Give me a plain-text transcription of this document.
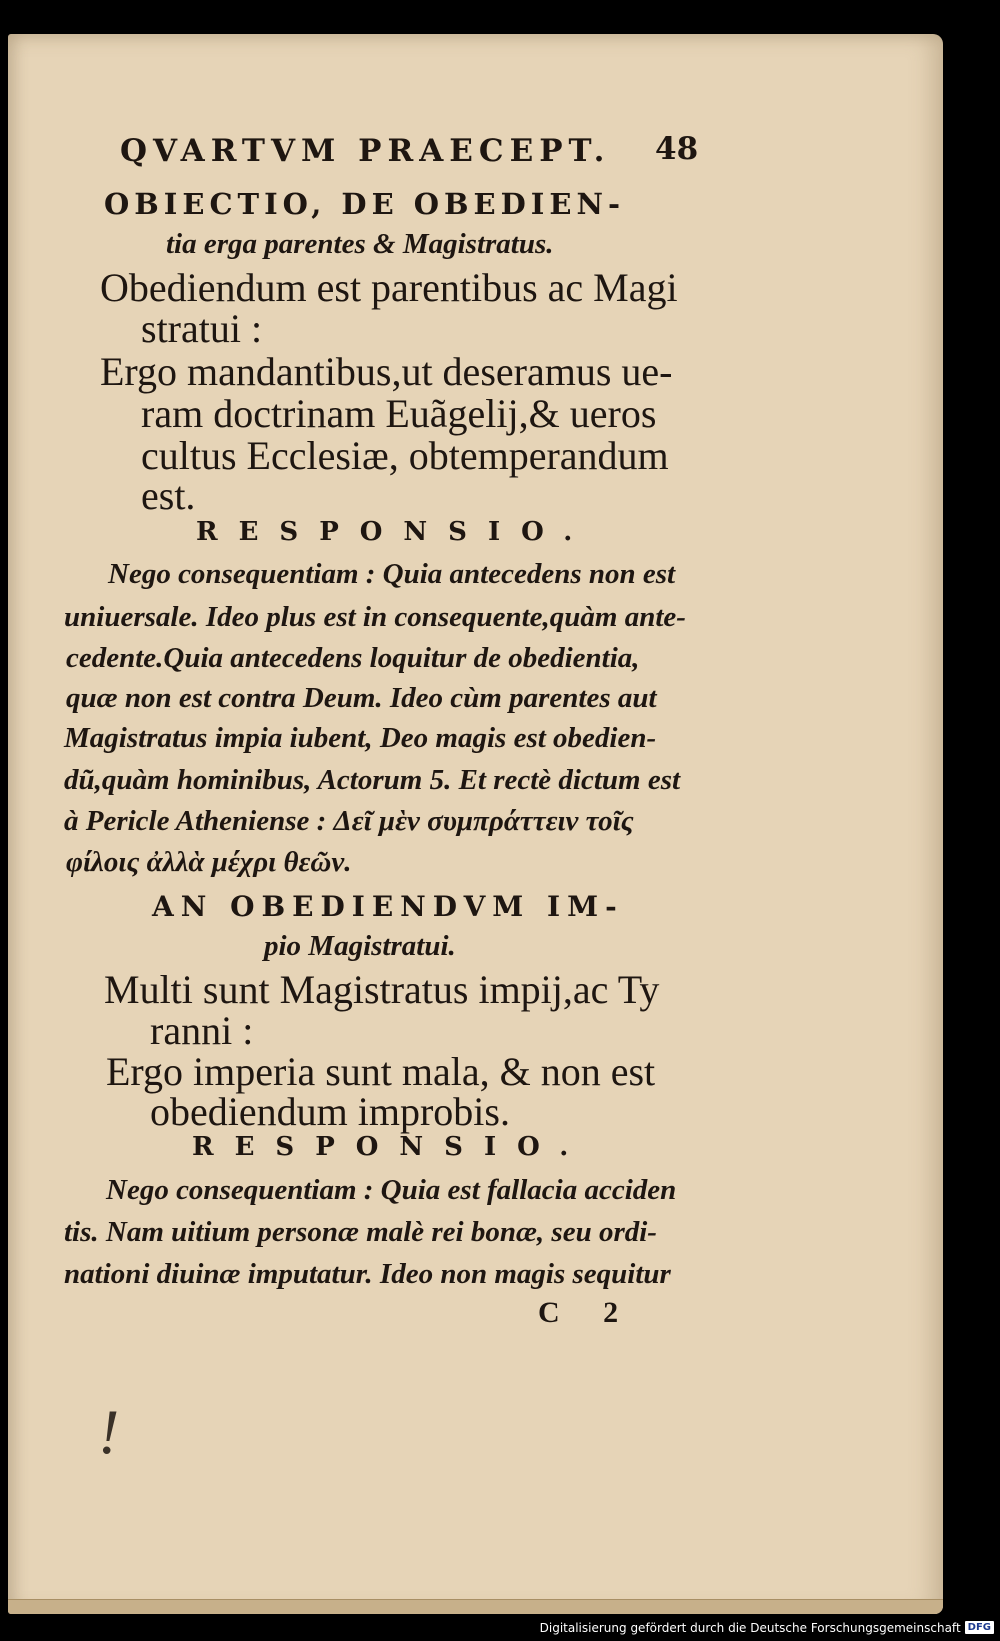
QVARTVM PRAECEPT. 48
OBIECTIO, DE OBEDIEN-
tia erga parentes & Magistratus.
Obediendum est parentibus ac Magi
stratui :
Ergo mandantibus,ut deseramus ue-
ram doctrinam Euãgelij,& ueros
cultus Ecclesiæ, obtemperandum
est.
RESPONSIO.
Nego consequentiam : Quia antecedens non est
uniuersale. Ideo plus est in consequente,quàm ante-
cedente.Quia antecedens loquitur de obedientia,
quæ non est contra Deum. Ideo cùm parentes aut
Magistratus impia iubent, Deo magis est obedien-
dũ,quàm hominibus, Actorum 5. Et rectè dictum est
à Pericle Atheniense : Δεῖ μὲν συμπράττειν τοῖς
φίλοις ἀλλὰ μέχρι θεῶν.
AN OBEDIENDVM IM-
pio Magistratui.
Multi sunt Magistratus impij,ac Ty
ranni :
Ergo imperia sunt mala, & non est
obediendum improbis.
RESPONSIO.
Nego consequentiam : Quia est fallacia acciden
tis. Nam uitium personæ malè rei bonæ, seu ordi-
nationi diuinæ imputatur. Ideo non magis sequitur
C 2
!
Digitalisierung gefördert durch die Deutsche Forschungsgemeinschaft DFG
